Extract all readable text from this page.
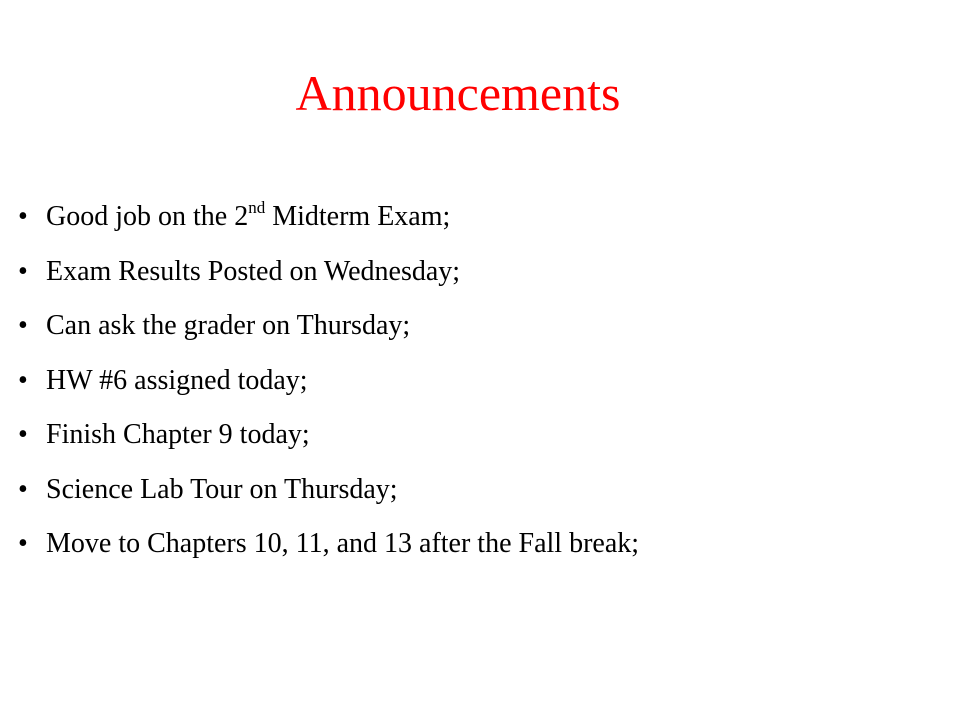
Announcements
• Good job on the 2nd Midterm Exam;
• Exam Results Posted on Wednesday;
• Can ask the grader on Thursday;
• HW #6 assigned today;
• Finish Chapter 9 today;
• Science Lab Tour on Thursday;
• Move to Chapters 10, 11, and 13 after the Fall break;
